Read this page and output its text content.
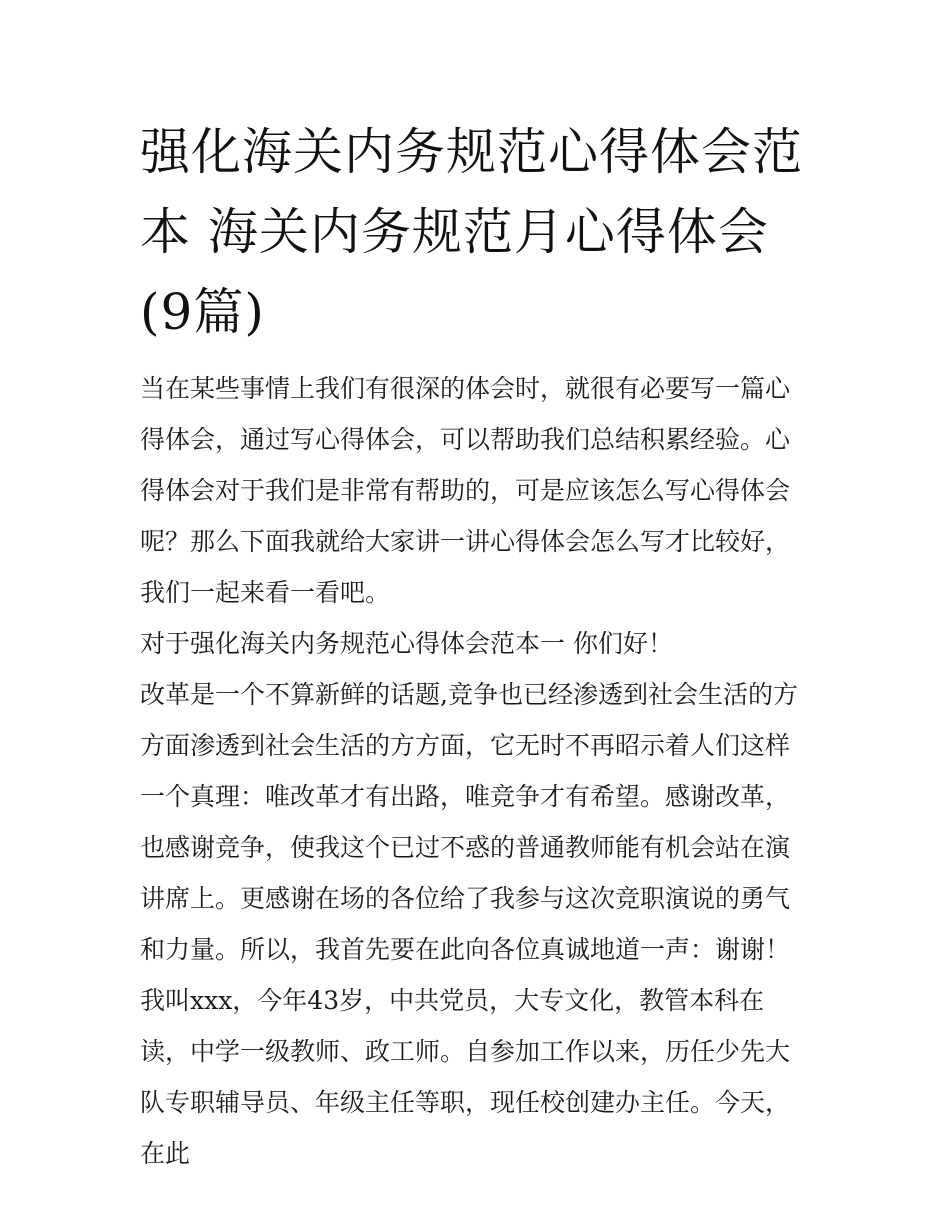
强化海关内务规范心得体会范本 海关内务规范月心得体会(9篇)

当在某些事情上我们有很深的体会时，就很有必要写一篇心得体会，通过写心得体会，可以帮助我们总结积累经验。心得体会对于我们是非常有帮助的，可是应该怎么写心得体会呢？那么下面我就给大家讲一讲心得体会怎么写才比较好，我们一起来看一看吧。

对于强化海关内务规范心得体会范本一 你们好！

改革是一个不算新鲜的话题,竞争也已经渗透到社会生活的方方面渗透到社会生活的方方面，它无时不再昭示着人们这样一个真理：唯改革才有出路，唯竞争才有希望。感谢改革，也感谢竞争，使我这个已过不惑的普通教师能有机会站在演讲席上。更感谢在场的各位给了我参与这次竞职演说的勇气和力量。所以，我首先要在此向各位真诚地道一声：谢谢！

我叫xxx，今年43岁，中共党员，大专文化，教管本科在读，中学一级教师、政工师。自参加工作以来，历任少先大队专职辅导员、年级主任等职，现任校创建办主任。今天，在此
